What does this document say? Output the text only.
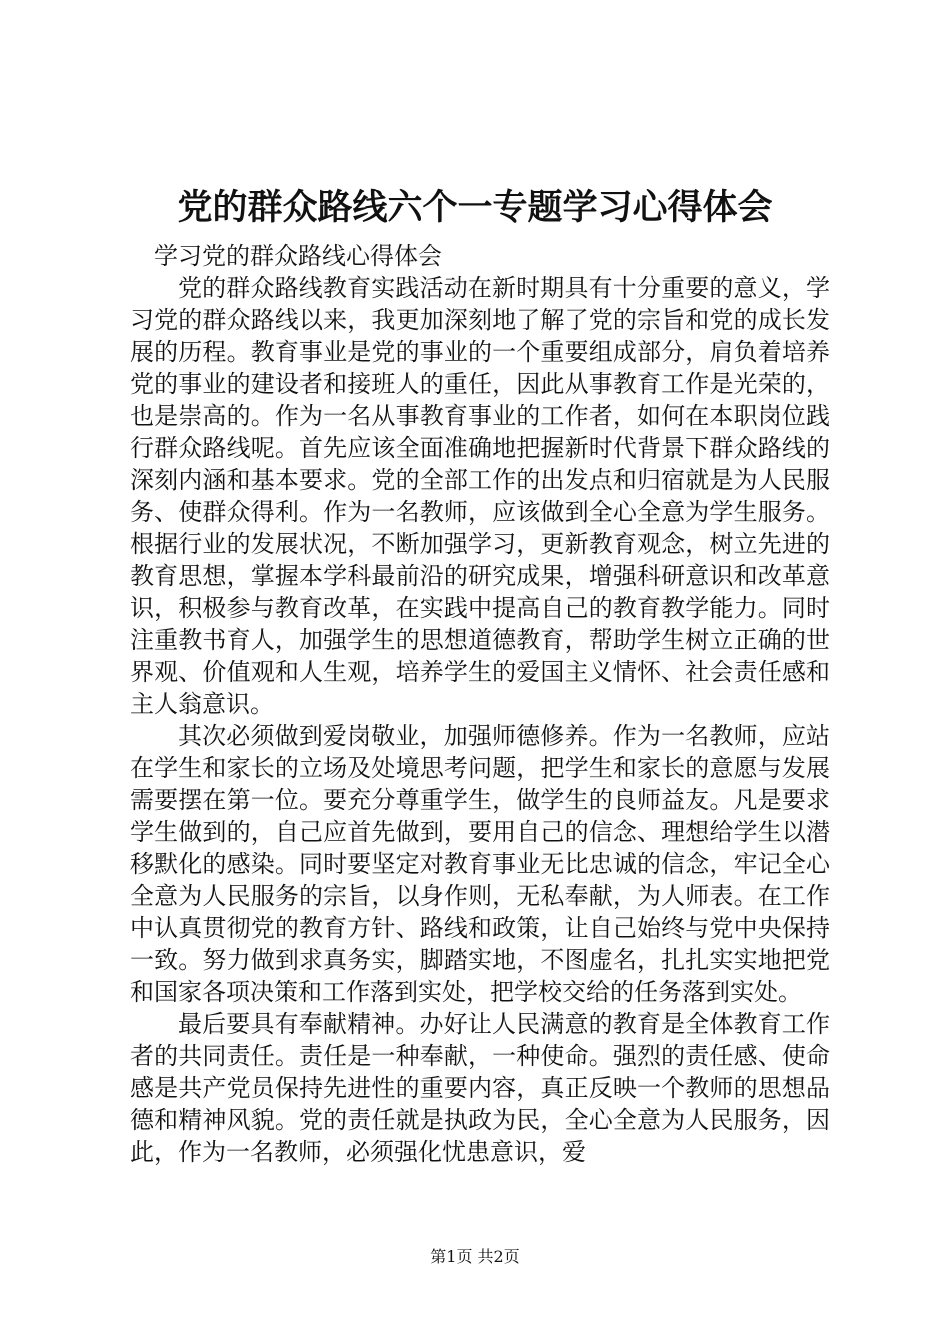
党的群众路线六个一专题学习心得体会

学习党的群众路线心得体会

党的群众路线教育实践活动在新时期具有十分重要的意义，学习党的群众路线以来，我更加深刻地了解了党的宗旨和党的成长发展的历程。教育事业是党的事业的一个重要组成部分，肩负着培养党的事业的建设者和接班人的重任，因此从事教育工作是光荣的，也是崇高的。作为一名从事教育事业的工作者，如何在本职岗位践行群众路线呢。首先应该全面准确地把握新时代背景下群众路线的深刻内涵和基本要求。党的全部工作的出发点和归宿就是为人民服务、使群众得利。作为一名教师，应该做到全心全意为学生服务。根据行业的发展状况，不断加强学习，更新教育观念，树立先进的教育思想，掌握本学科最前沿的研究成果，增强科研意识和改革意识，积极参与教育改革，在实践中提高自己的教育教学能力。同时注重教书育人，加强学生的思想道德教育，帮助学生树立正确的世界观、价值观和人生观，培养学生的爱国主义情怀、社会责任感和主人翁意识。

其次必须做到爱岗敬业，加强师德修养。作为一名教师，应站在学生和家长的立场及处境思考问题，把学生和家长的意愿与发展需要摆在第一位。要充分尊重学生，做学生的良师益友。凡是要求学生做到的，自己应首先做到，要用自己的信念、理想给学生以潜移默化的感染。同时要坚定对教育事业无比忠诚的信念，牢记全心全意为人民服务的宗旨，以身作则，无私奉献，为人师表。在工作中认真贯彻党的教育方针、路线和政策，让自己始终与党中央保持一致。努力做到求真务实，脚踏实地，不图虚名，扎扎实实地把党和国家各项决策和工作落到实处，把学校交给的任务落到实处。

最后要具有奉献精神。办好让人民满意的教育是全体教育工作者的共同责任。责任是一种奉献，一种使命。强烈的责任感、使命感是共产党员保持先进性的重要内容，真正反映一个教师的思想品德和精神风貌。党的责任就是执政为民，全心全意为人民服务，因此，作为一名教师，必须强化忧患意识，爱

第1页 共2页
